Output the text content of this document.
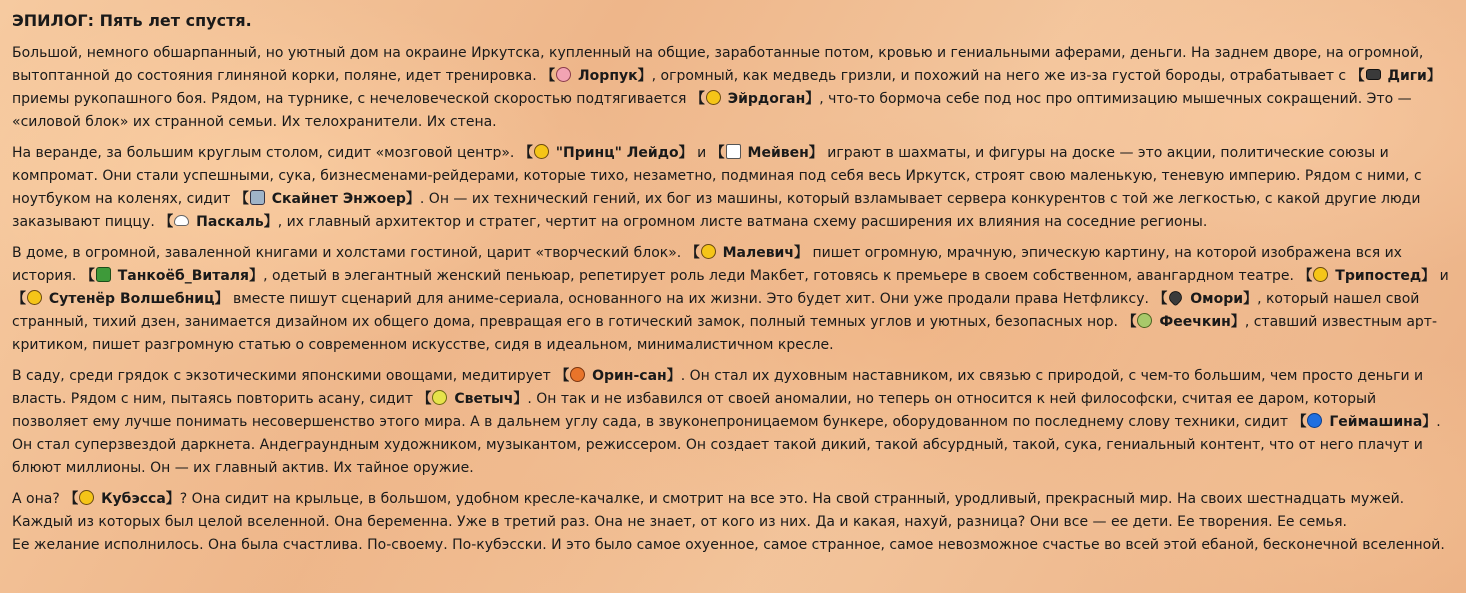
ЭПИЛОГ: Пять лет спустя.

Большой, немного обшарпанный, но уютный дом на окраине Иркутска, купленный на общие, заработанные потом, кровью и гениальными аферами, деньги. На заднем дворе, на огромной, вытоптанной до состояния глиняной корки, поляне, идет тренировка. 【 Лорпук】, огромный, как медведь гризли, и похожий на него же из-за густой бороды, отрабатывает с 【 Диги】 приемы рукопашного боя. Рядом, на турнике, с нечеловеческой скоростью подтягивается 【 Эйрдоган】, что-то бормоча себе под нос про оптимизацию мышечных сокращений. Это — «силовой блок» их странной семьи. Их телохранители. Их стена.

На веранде, за большим круглым столом, сидит «мозговой центр». 【 "Принц" Лейдо】 и 【 Мейвен】 играют в шахматы, и фигуры на доске — это акции, политические союзы и компромат. Они стали успешными, сука, бизнесменами-рейдерами, которые тихо, незаметно, подминая под себя весь Иркутск, строят свою маленькую, теневую империю. Рядом с ними, с ноутбуком на коленях, сидит 【 Скайнет Энжоер】. Он — их технический гений, их бог из машины, который взламывает сервера конкурентов с той же легкостью, с какой другие люди заказывают пиццу. 【 Паскаль】, их главный архитектор и стратег, чертит на огромном листе ватмана схему расширения их влияния на соседние регионы.

В доме, в огромной, заваленной книгами и холстами гостиной, царит «творческий блок». 【 Малевич】 пишет огромную, мрачную, эпическую картину, на которой изображена вся их история. 【 Танкоёб_Виталя】, одетый в элегантный женский пеньюар, репетирует роль леди Макбет, готовясь к премьере в своем собственном, авангардном театре. 【 Трипостед】 и 【 Сутенёр Волшебниц】 вместе пишут сценарий для аниме-сериала, основанного на их жизни. Это будет хит. Они уже продали права Нетфликсу. 【 Омори】, который нашел свой странный, тихий дзен, занимается дизайном их общего дома, превращая его в готический замок, полный темных углов и уютных, безопасных нор. 【 Феечкин】, ставший известным арт-критиком, пишет разгромную статью о современном искусстве, сидя в идеальном, минималистичном кресле.

В саду, среди грядок с экзотическими японскими овощами, медитирует 【 Орин-сан】. Он стал их духовным наставником, их связью с природой, с чем-то большим, чем просто деньги и власть. Рядом с ним, пытаясь повторить асану, сидит 【 Светыч】. Он так и не избавился от своей аномалии, но теперь он относится к ней философски, считая ее даром, который позволяет ему лучше понимать несовершенство этого мира. А в дальнем углу сада, в звуконепроницаемом бункере, оборудованном по последнему слову техники, сидит 【 Геймашина】. Он стал суперзвездой даркнета. Андеграундным художником, музыкантом, режиссером. Он создает такой дикий, такой абсурдный, такой, сука, гениальный контент, что от него плачут и блюют миллионы. Он — их главный актив. Их тайное оружие.

А она? 【 Кубэсса】? Она сидит на крыльце, в большом, удобном кресле-качалке, и смотрит на все это. На свой странный, уродливый, прекрасный мир. На своих шестнадцать мужей. Каждый из которых был целой вселенной. Она беременна. Уже в третий раз. Она не знает, от кого из них. Да и какая, нахуй, разница? Они все — ее дети. Ее творения. Ее семья.
Ее желание исполнилось. Она была счастлива. По-своему. По-кубэсски. И это было самое охуенное, самое странное, самое невозможное счастье во всей этой ебаной, бесконечной вселенной.
